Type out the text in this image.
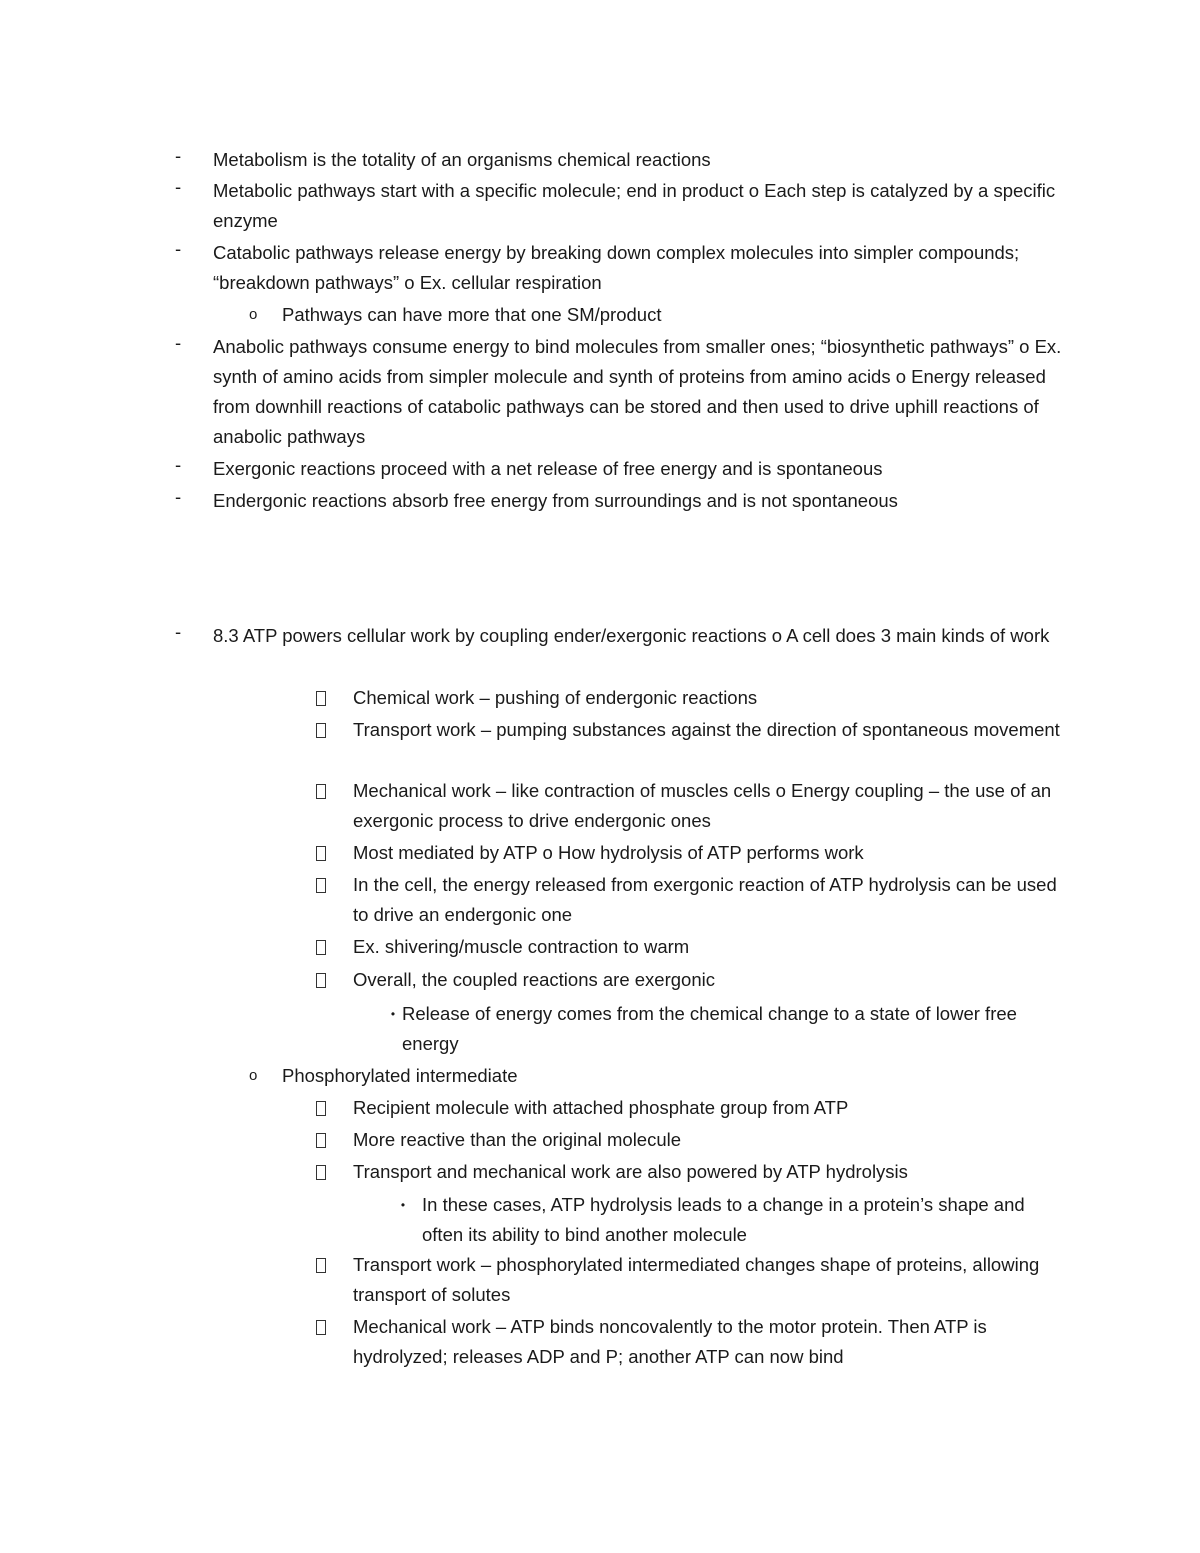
-	Metabolism is the totality of an organisms chemical reactions
-	Metabolic pathways start with a specific molecule; end in product o Each step is catalyzed by a specific enzyme
-	Catabolic pathways release energy by breaking down complex molecules into simpler compounds; “breakdown pathways” o Ex. cellular respiration
o	Pathways can have more that one SM/product
-	Anabolic pathways consume energy to bind molecules from smaller ones; “biosynthetic pathways” o Ex. synth of amino acids from simpler molecule and synth of proteins from amino acids o Energy released from downhill reactions of catabolic pathways can be stored and then used to drive uphill reactions of anabolic pathways
-	Exergonic reactions proceed with a net release of free energy and is spontaneous
-	Endergonic reactions absorb free energy from surroundings and is not spontaneous
-	8.3 ATP powers cellular work by coupling ender/exergonic reactions o A cell does 3 main kinds of work
Chemical work – pushing of endergonic reactions
Transport work – pumping substances against the direction of spontaneous movement
Mechanical work – like contraction of muscles cells o Energy coupling – the use of an exergonic process to drive endergonic ones
Most mediated by ATP o How hydrolysis of ATP performs work
In the cell, the energy released from exergonic reaction of ATP hydrolysis can be used to drive an endergonic one
Ex. shivering/muscle contraction to warm
Overall, the coupled reactions are exergonic
• Release of energy comes from the chemical change to a state of lower free energy
o	Phosphorylated intermediate
Recipient molecule with attached phosphate group from ATP
More reactive than the original molecule
Transport and mechanical work are also powered by ATP hydrolysis
• In these cases, ATP hydrolysis leads to a change in a protein’s shape and often its ability to bind another molecule
Transport work – phosphorylated intermediated changes shape of proteins, allowing transport of solutes
Mechanical work – ATP binds noncovalently to the motor protein. Then ATP is hydrolyzed; releases ADP and P; another ATP can now bind
